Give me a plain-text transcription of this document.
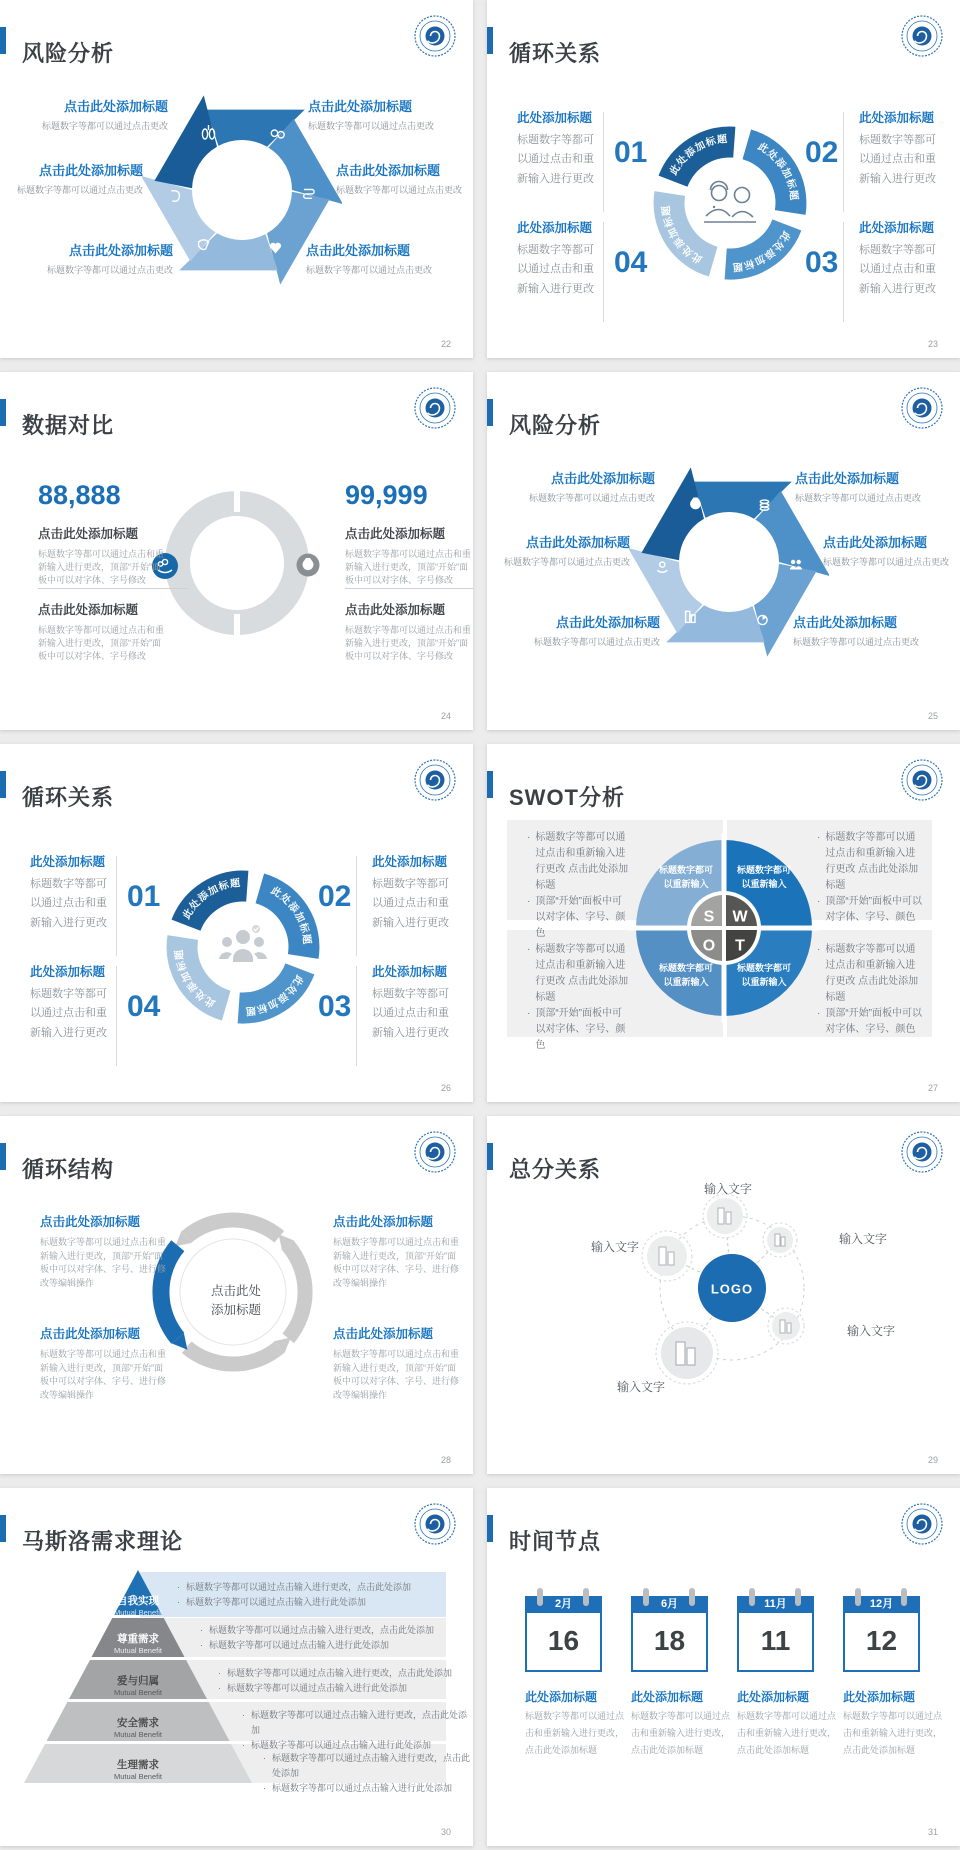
风险分析
点击此处添加标题
标题数字等都可以通过点击更改
点击此处添加标题
标题数字等都可以通过点击更改
点击此处添加标题
标题数字等都可以通过点击更改
点击此处添加标题
标题数字等都可以通过点击更改
点击此处添加标题
标题数字等都可以通过点击更改
点击此处添加标题
标题数字等都可以通过点击更改
22
循环关系
此处添加标题
此处添加标题
此处添加标题
此处添加标题
此处添加标题
标题数字等都可以通过点击和重新输入进行更改
01	02
此处添加标题
标题数字等都可以通过点击和重新输入进行更改
此处添加标题
标题数字等都可以通过点击和重新输入进行更改
04	03
此处添加标题
标题数字等都可以通过点击和重新输入进行更改
23
数据对比
88,888	99,999
点击此处添加标题
标题数字等都可以通过点击和重新输入进行更改，顶部“开始”面板中可以对字体、字号修改
点击此处添加标题
标题数字等都可以通过点击和重新输入进行更改，顶部“开始”面板中可以对字体、字号修改
点击此处添加标题
标题数字等都可以通过点击和重新输入进行更改，顶部“开始”面板中可以对字体、字号修改
点击此处添加标题
标题数字等都可以通过点击和重新输入进行更改，顶部“开始”面板中可以对字体、字号修改
24
风险分析
点击此处添加标题
标题数字等都可以通过点击更改
点击此处添加标题
标题数字等都可以通过点击更改
点击此处添加标题
标题数字等都可以通过点击更改
点击此处添加标题
标题数字等都可以通过点击更改
点击此处添加标题
标题数字等都可以通过点击更改
点击此处添加标题
标题数字等都可以通过点击更改
25
循环关系
此处添加标题
此处添加标题
此处添加标题
此处添加标题
此处添加标题
标题数字等都可以通过点击和重新输入进行更改
01	02
此处添加标题
标题数字等都可以通过点击和重新输入进行更改
此处添加标题
标题数字等都可以通过点击和重新输入进行更改
04	03
此处添加标题
标题数字等都可以通过点击和重新输入进行更改
26
SWOT分析
· 标题数字等都可以通过点击和重新输入进行更改 点击此处添加标题
· 顶部“开始”面板中可以对字体、字号、颜色
· 标题数字等都可以通过点击和重新输入进行更改 点击此处添加标题
· 顶部“开始”面板中可以对字体、字号、颜色
· 标题数字等都可以通过点击和重新输入进行更改 点击此处添加标题
· 顶部“开始”面板中可以对字体、字号、颜色
· 标题数字等都可以通过点击和重新输入进行更改 点击此处添加标题
· 顶部“开始”面板中可以对字体、字号、颜色
S W
O T
标题数字都可以重新输入
标题数字都可以重新输入
标题数字都可以重新输入
标题数字都可以重新输入
27
循环结构
点击此处添加标题
点击此处添加标题
标题数字等都可以通过点击和重新输入进行更改，顶部“开始”面板中可以对字体、字号、进行修改等编辑操作
点击此处添加标题
标题数字等都可以通过点击和重新输入进行更改，顶部“开始”面板中可以对字体、字号、进行修改等编辑操作
点击此处添加标题
标题数字等都可以通过点击和重新输入进行更改，顶部“开始”面板中可以对字体、字号、进行修改等编辑操作
点击此处添加标题
标题数字等都可以通过点击和重新输入进行更改，顶部“开始”面板中可以对字体、字号、进行修改等编辑操作
28
总分关系
LOGO
输入文字
输入文字
输入文字
输入文字
输入文字
29
马斯洛需求理论
自我实现
Mutual Benefit
尊重需求
Mutual Benefit
爱与归属
Mutual Benefit
安全需求
Mutual Benefit
生理需求
Mutual Benefit
· 标题数字等都可以通过点击输入进行更改，点击此处添加
· 标题数字等都可以通过点击输入进行此处添加
· 标题数字等都可以通过点击输入进行更改，点击此处添加
· 标题数字等都可以通过点击输入进行此处添加
· 标题数字等都可以通过点击输入进行更改，点击此处添加
· 标题数字等都可以通过点击输入进行此处添加
· 标题数字等都可以通过点击输入进行更改，点击此处添加
· 标题数字等都可以通过点击输入进行此处添加
· 标题数字等都可以通过点击输入进行更改，点击此处添加
· 标题数字等都可以通过点击输入进行此处添加
30
时间节点
2月
16
6月
18
11月
11
12月
12
此处添加标题	此处添加标题	此处添加标题	此处添加标题
标题数字等都可以通过点击和重新输入进行更改，点击此处添加标题
标题数字等都可以通过点击和重新输入进行更改，点击此处添加标题
标题数字等都可以通过点击和重新输入进行更改，点击此处添加标题
标题数字等都可以通过点击和重新输入进行更改，点击此处添加标题
31
